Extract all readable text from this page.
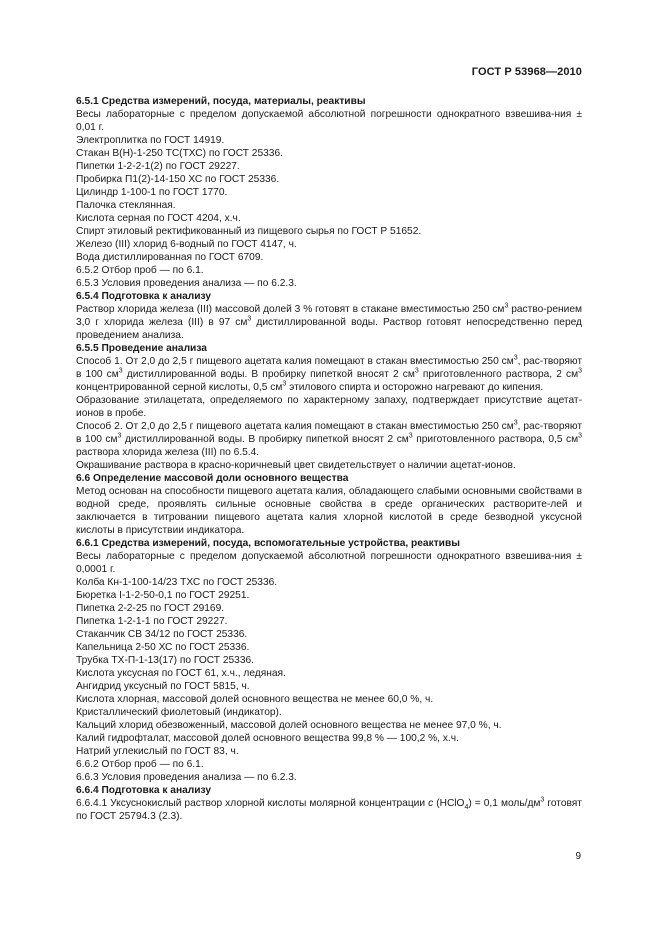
ГОСТ Р 53968—2010

6.5.1 Средства измерений, посуда, материалы, реактивы

Весы лабораторные с пределом допускаемой абсолютной погрешности однократного взвешива-ния ± 0,01 г.

Электроплитка по ГОСТ 14919.

Стакан В(Н)-1-250 ТС(ТХС) по ГОСТ 25336.

Пипетки 1-2-2-1(2) по ГОСТ 29227.

Пробирка П1(2)-14-150 ХС по ГОСТ 25336.

Цилиндр 1-100-1 по ГОСТ 1770.

Палочка стеклянная.

Кислота серная по ГОСТ 4204, х.ч.

Спирт этиловый ректификованный из пищевого сырья по ГОСТ Р 51652.

Железо (III) хлорид 6-водный по ГОСТ 4147, ч.

Вода дистиллированная по ГОСТ 6709.

6.5.2 Отбор проб — по 6.1.

6.5.3 Условия проведения анализа — по 6.2.3.

6.5.4 Подготовка к анализу

Раствор хлорида железа (III) массовой долей 3 % готовят в стакане вместимостью 250 $см^3$ раство-рением 3,0 г хлорида железа (III) в 97 $см^3$ дистиллированной воды. Раствор готовят непосредственно перед проведением анализа.

6.5.5 Проведение анализа

Способ 1. От 2,0 до 2,5 г пищевого ацетата калия помещают в стакан вместимостью 250 $см^3$, рас-творяют в 100 $см^3$ дистиллированной воды. В пробирку пипеткой вносят 2 $см^3$ приготовленного раствора, 2 $см^3$ концентрированной серной кислоты, 0,5 $см^3$ этилового спирта и осторожно нагревают до кипения.

Образование этилацетата, определяемого по характерному запаху, подтверждает присутствие ацетат-ионов в пробе.

Способ 2. От 2,0 до 2,5 г пищевого ацетата калия помещают в стакан вместимостью 250 $см^3$, рас-творяют в 100 $см^3$ дистиллированной воды. В пробирку пипеткой вносят 2 $см^3$ приготовленного раствора, 0,5 $см^3$ раствора хлорида железа (III) по 6.5.4.

Окрашивание раствора в красно-коричневый цвет свидетельствует о наличии ацетат-ионов.

6.6 Определение массовой доли основного вещества

Метод основан на способности пищевого ацетата калия, обладающего слабыми основными свойствами в водной среде, проявлять сильные основные свойства в среде органических растворите-лей и заключается в титровании пищевого ацетата калия хлорной кислотой в среде безводной уксусной кислоты в присутствии индикатора.

6.6.1 Средства измерений, посуда, вспомогательные устройства, реактивы

Весы лабораторные с пределом допускаемой абсолютной погрешности однократного взвешива-ния ± 0,0001 г.

Колба Кн-1-100-14/23 ТХС по ГОСТ 25336.

Бюретка I-1-2-50-0,1 по ГОСТ 29251.

Пипетка 2-2-25 по ГОСТ 29169.

Пипетка 1-2-1-1 по ГОСТ 29227.

Стаканчик СВ 34/12 по ГОСТ 25336.

Капельница 2-50 ХС по ГОСТ 25336.

Трубка ТХ-П-1-13(17) по ГОСТ 25336.

Кислота уксусная по ГОСТ 61, х.ч., ледяная.

Ангидрид уксусный по ГОСТ 5815, ч.

Кислота хлорная, массовой долей основного вещества не менее 60,0 %, ч.

Кристаллический фиолетовый (индикатор).

Кальций хлорид обезвоженный, массовой долей основного вещества не менее 97,0 %, ч.

Калий гидрофталат, массовой долей основного вещества 99,8 % — 100,2 %, х.ч.

Натрий углекислый по ГОСТ 83, ч.

6.6.2 Отбор проб — по 6.1.

6.6.3 Условия проведения анализа — по 6.2.3.

6.6.4 Подготовка к анализу

6.6.4.1 Уксуснокислый раствор хлорной кислоты молярной концентрации c (HClO$_4$) = 0,1 моль/$дм^3$ готовят по ГОСТ 25794.3 (2.3).

9
